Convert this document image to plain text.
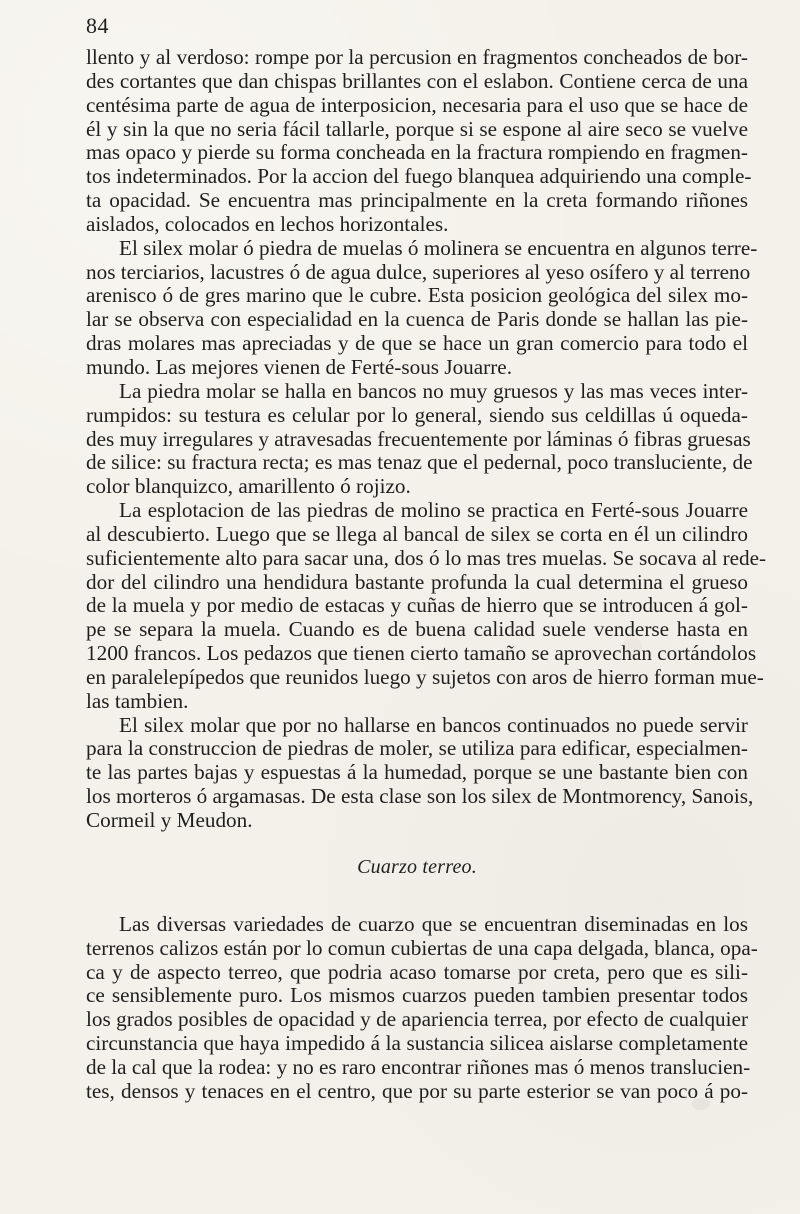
84
llento y al verdoso: rompe por la percusion en fragmentos concheados de bor-
des cortantes que dan chispas brillantes con el eslabon. Contiene cerca de una
centésima parte de agua de interposicion, necesaria para el uso que se hace de
él y sin la que no seria fácil tallarle, porque si se espone al aire seco se vuelve
mas opaco y pierde su forma concheada en la fractura rompiendo en fragmen-
tos indeterminados. Por la accion del fuego blanquea adquiriendo una comple-
ta opacidad. Se encuentra mas principalmente en la creta formando riñones
aislados, colocados en lechos horizontales.
El silex molar ó piedra de muelas ó molinera se encuentra en algunos terre-
nos terciarios, lacustres ó de agua dulce, superiores al yeso osífero y al terreno
arenisco ó de gres marino que le cubre. Esta posicion geológica del silex mo-
lar se observa con especialidad en la cuenca de Paris donde se hallan las pie-
dras molares mas apreciadas y de que se hace un gran comercio para todo el
mundo. Las mejores vienen de Ferté-sous Jouarre.
La piedra molar se halla en bancos no muy gruesos y las mas veces inter-
rumpidos: su testura es celular por lo general, siendo sus celdillas ú oqueda-
des muy irregulares y atravesadas frecuentemente por láminas ó fibras gruesas
de silice: su fractura recta; es mas tenaz que el pedernal, poco transluciente, de
color blanquizco, amarillento ó rojizo.
La esplotacion de las piedras de molino se practica en Ferté-sous Jouarre
al descubierto. Luego que se llega al bancal de silex se corta en él un cilindro
suficientemente alto para sacar una, dos ó lo mas tres muelas. Se socava al rede-
dor del cilindro una hendidura bastante profunda la cual determina el grueso
de la muela y por medio de estacas y cuñas de hierro que se introducen á gol-
pe se separa la muela. Cuando es de buena calidad suele venderse hasta en
1200 francos. Los pedazos que tienen cierto tamaño se aprovechan cortándolos
en paralelepípedos que reunidos luego y sujetos con aros de hierro forman mue-
las tambien.
El silex molar que por no hallarse en bancos continuados no puede servir
para la construccion de piedras de moler, se utiliza para edificar, especialmen-
te las partes bajas y espuestas á la humedad, porque se une bastante bien con
los morteros ó argamasas. De esta clase son los silex de Montmorency, Sanois,
Cormeil y Meudon.
Cuarzo terreo.
Las diversas variedades de cuarzo que se encuentran diseminadas en los
terrenos calizos están por lo comun cubiertas de una capa delgada, blanca, opa-
ca y de aspecto terreo, que podria acaso tomarse por creta, pero que es sili-
ce sensiblemente puro. Los mismos cuarzos pueden tambien presentar todos
los grados posibles de opacidad y de apariencia terrea, por efecto de cualquier
circunstancia que haya impedido á la sustancia silicea aislarse completamente
de la cal que la rodea: y no es raro encontrar riñones mas ó menos translucien-
tes, densos y tenaces en el centro, que por su parte esterior se van poco á po-
